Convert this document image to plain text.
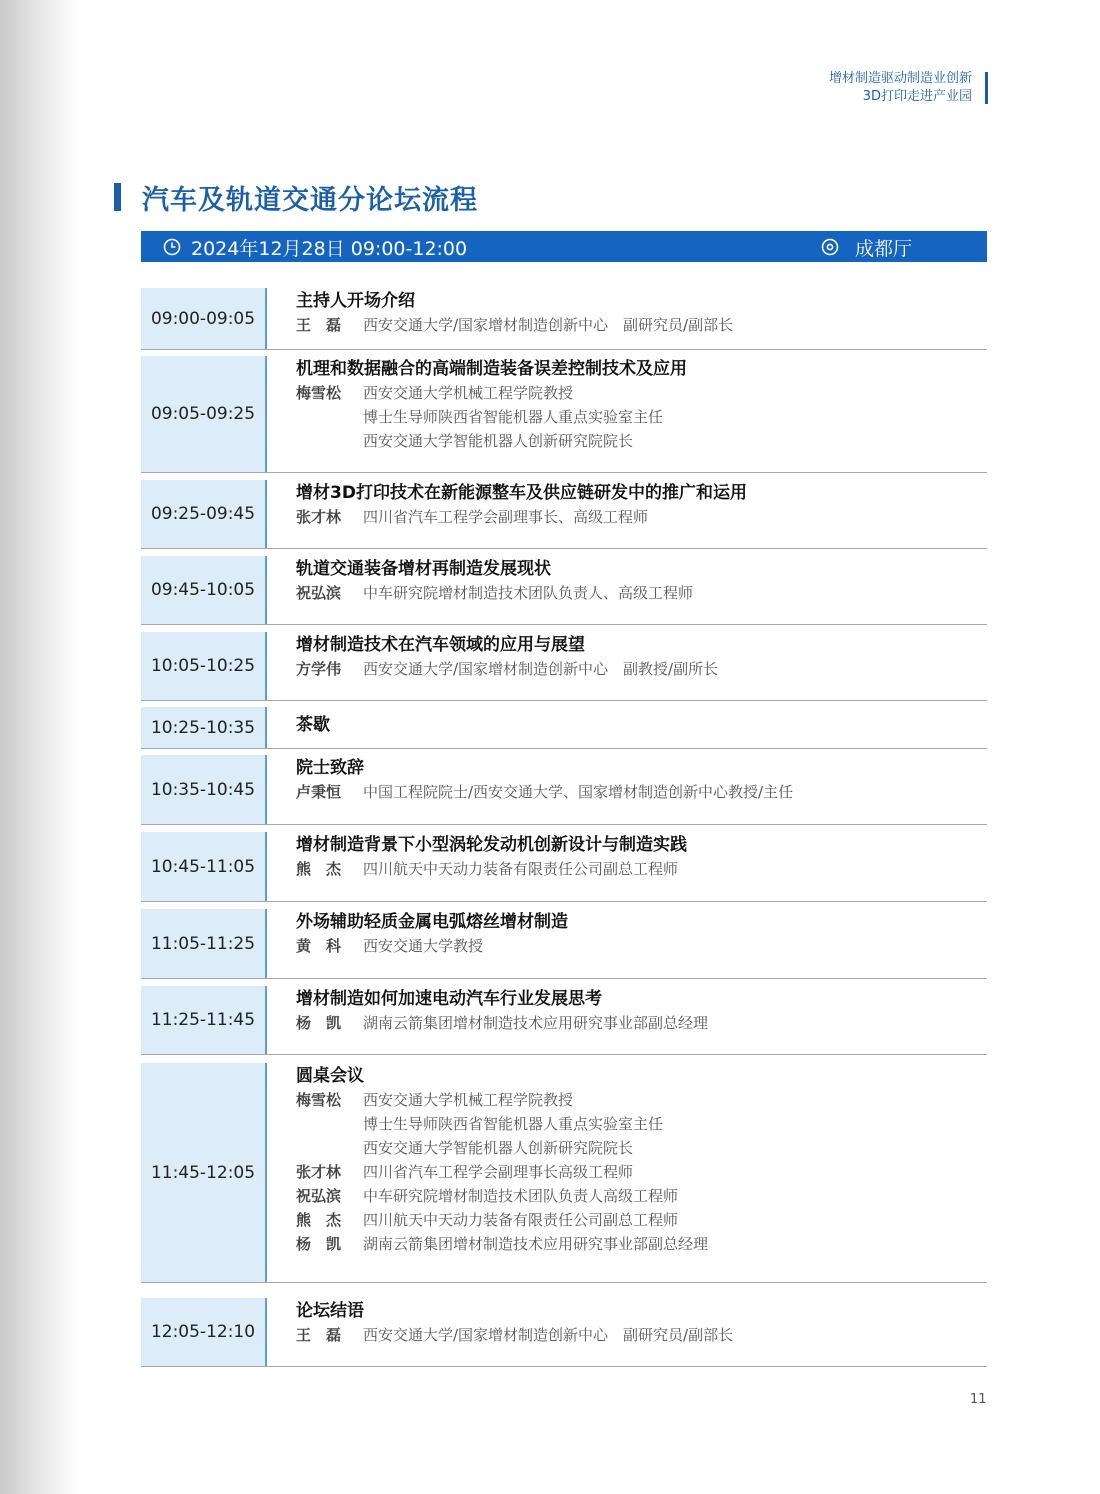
增材制造驱动制造业创新
3D打印走进产业园
汽车及轨道交通分论坛流程
2024年12月28日 09:00-12:00	成都厅
09:00-09:05
主持人开场介绍
王　磊	西安交通大学/国家增材制造创新中心　副研究员/副部长
09:05-09:25
机理和数据融合的高端制造装备误差控制技术及应用
梅雪松	西安交通大学机械工程学院教授
博士生导师陕西省智能机器人重点实验室主任
西安交通大学智能机器人创新研究院院长
09:25-09:45
增材3D打印技术在新能源整车及供应链研发中的推广和运用
张才林	四川省汽车工程学会副理事长、高级工程师
09:45-10:05
轨道交通装备增材再制造发展现状
祝弘滨	中车研究院增材制造技术团队负责人、高级工程师
10:05-10:25
增材制造技术在汽车领域的应用与展望
方学伟	西安交通大学/国家增材制造创新中心　副教授/副所长
10:25-10:35	茶歇
10:35-10:45
院士致辞
卢秉恒	中国工程院院士/西安交通大学、国家增材制造创新中心教授/主任
10:45-11:05
增材制造背景下小型涡轮发动机创新设计与制造实践
熊　杰	四川航天中天动力装备有限责任公司副总工程师
11:05-11:25
外场辅助轻质金属电弧熔丝增材制造
黄　科	西安交通大学教授
11:25-11:45
增材制造如何加速电动汽车行业发展思考
杨　凯	湖南云箭集团增材制造技术应用研究事业部副总经理
11:45-12:05
圆桌会议
梅雪松	西安交通大学机械工程学院教授
博士生导师陕西省智能机器人重点实验室主任
西安交通大学智能机器人创新研究院院长
张才林	四川省汽车工程学会副理事长高级工程师
祝弘滨	中车研究院增材制造技术团队负责人高级工程师
熊　杰	四川航天中天动力装备有限责任公司副总工程师
杨　凯	湖南云箭集团增材制造技术应用研究事业部副总经理
12:05-12:10
论坛结语
王　磊	西安交通大学/国家增材制造创新中心　副研究员/副部长
11
